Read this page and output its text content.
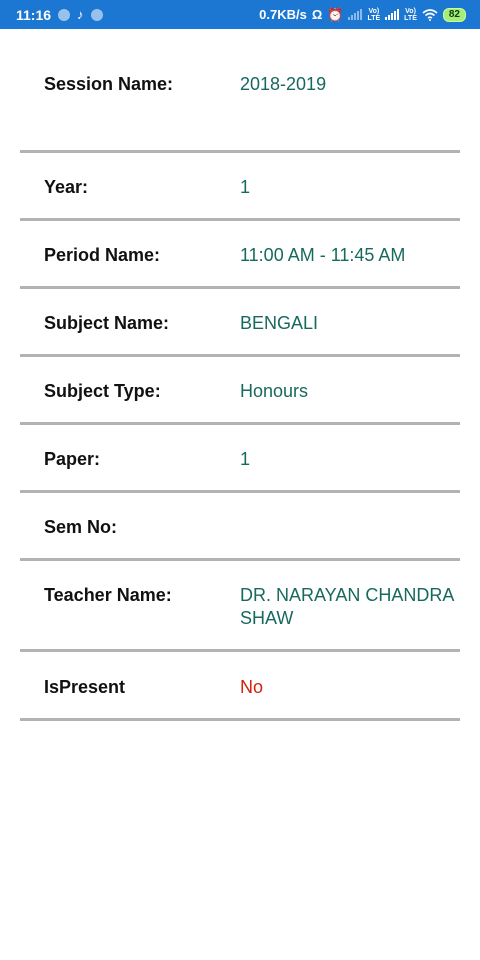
11:16 ♪	0.7KB/s Ω ⏰	Vo)
LTE
Vo)
LTE	82
Session Name:	2018-2019
Year:	1
Period Name:	11:00 AM - 11:45 AM
Subject Name:	BENGALI
Subject Type:	Honours
Paper:	1
Sem No:
Teacher Name:	DR. NARAYAN CHANDRA SHAW
IsPresent	No
